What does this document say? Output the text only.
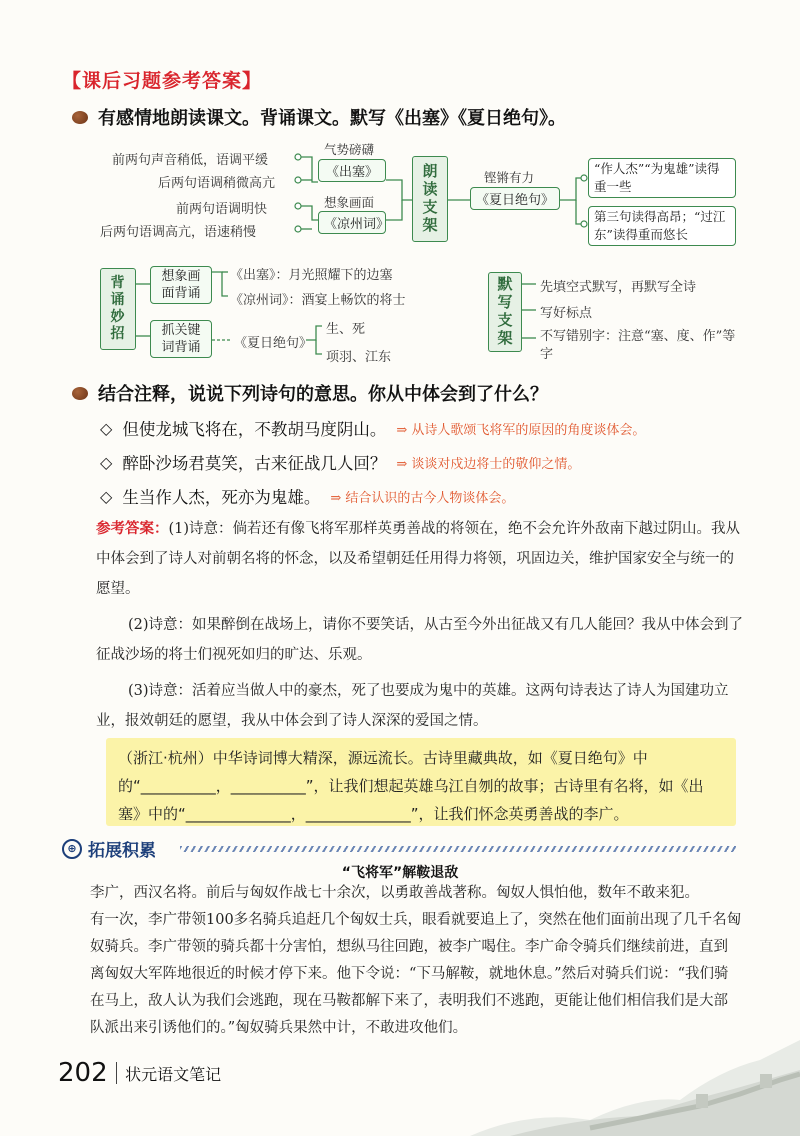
【课后习题参考答案】
有感情地朗读课文。背诵课文。默写《出塞》《夏日绝句》。
前两句声音稍低，语调平缓
后两句语调稍微高亢
前两句语调明快
后两句语调高亢，语速稍慢
气势磅礴
《出塞》
想象画面
《凉州词》	朗读支架	铿锵有力
《夏日绝句》
“作人杰”“为鬼雄”读得重一些
第三句读得高昂；“过江东”读得重而悠长
背诵妙招
想象画面背诵
《出塞》：月光照耀下的边塞
《凉州词》：酒宴上畅饮的将士
抓关键词背诵	《夏日绝句》
生、死
项羽、江东
默写支架	先填空式默写，再默写全诗
写好标点
不写错别字：注意“塞、度、作”等字
结合注释，说说下列诗句的意思。你从中体会到了什么？
◇ 但使龙城飞将在，不教胡马度阴山。 ⇒ 从诗人歌颂飞将军的原因的角度谈体会。
◇ 醉卧沙场君莫笑，古来征战几人回？ ⇒ 谈谈对戍边将士的敬仰之情。
◇ 生当作人杰，死亦为鬼雄。 ⇒ 结合认识的古今人物谈体会。
参考答案：(1)诗意：倘若还有像飞将军那样英勇善战的将领在，绝不会允许外敌南下越过阴山。我从中体会到了诗人对前朝名将的怀念，以及希望朝廷任用得力将领，巩固边关，维护国家安全与统一的愿望。
(2)诗意：如果醉倒在战场上，请你不要笑话，从古至今外出征战又有几人能回？我从中体会到了征战沙场的将士们视死如归的旷达、乐观。
(3)诗意：活着应当做人中的豪杰，死了也要成为鬼中的英雄。这两句诗表达了诗人为国建功立业，报效朝廷的愿望，我从中体会到了诗人深深的爱国之情。
（浙江·杭州）中华诗词博大精深，源远流长。古诗里藏典故，如《夏日绝句》中的“__________，__________”，让我们想起英雄乌江自刎的故事；古诗里有名将，如《出塞》中的“______________，______________”，让我们怀念英勇善战的李广。
⊕ 拓展积累
“飞将军”解鞍退敌

李广，西汉名将。前后与匈奴作战七十余次，以勇敢善战著称。匈奴人惧怕他，数年不敢来犯。

有一次，李广带领100多名骑兵追赶几个匈奴士兵，眼看就要追上了，突然在他们面前出现了几千名匈奴骑兵。李广带领的骑兵都十分害怕，想纵马往回跑，被李广喝住。李广命令骑兵们继续前进，直到离匈奴大军阵地很近的时候才停下来。他下令说：“下马解鞍，就地休息。”然后对骑兵们说：“我们骑在马上，敌人认为我们会逃跑，现在马鞍都解下来了，表明我们不逃跑，更能让他们相信我们是大部队派出来引诱他们的。”匈奴骑兵果然中计，不敢进攻他们。

202 状元语文笔记
